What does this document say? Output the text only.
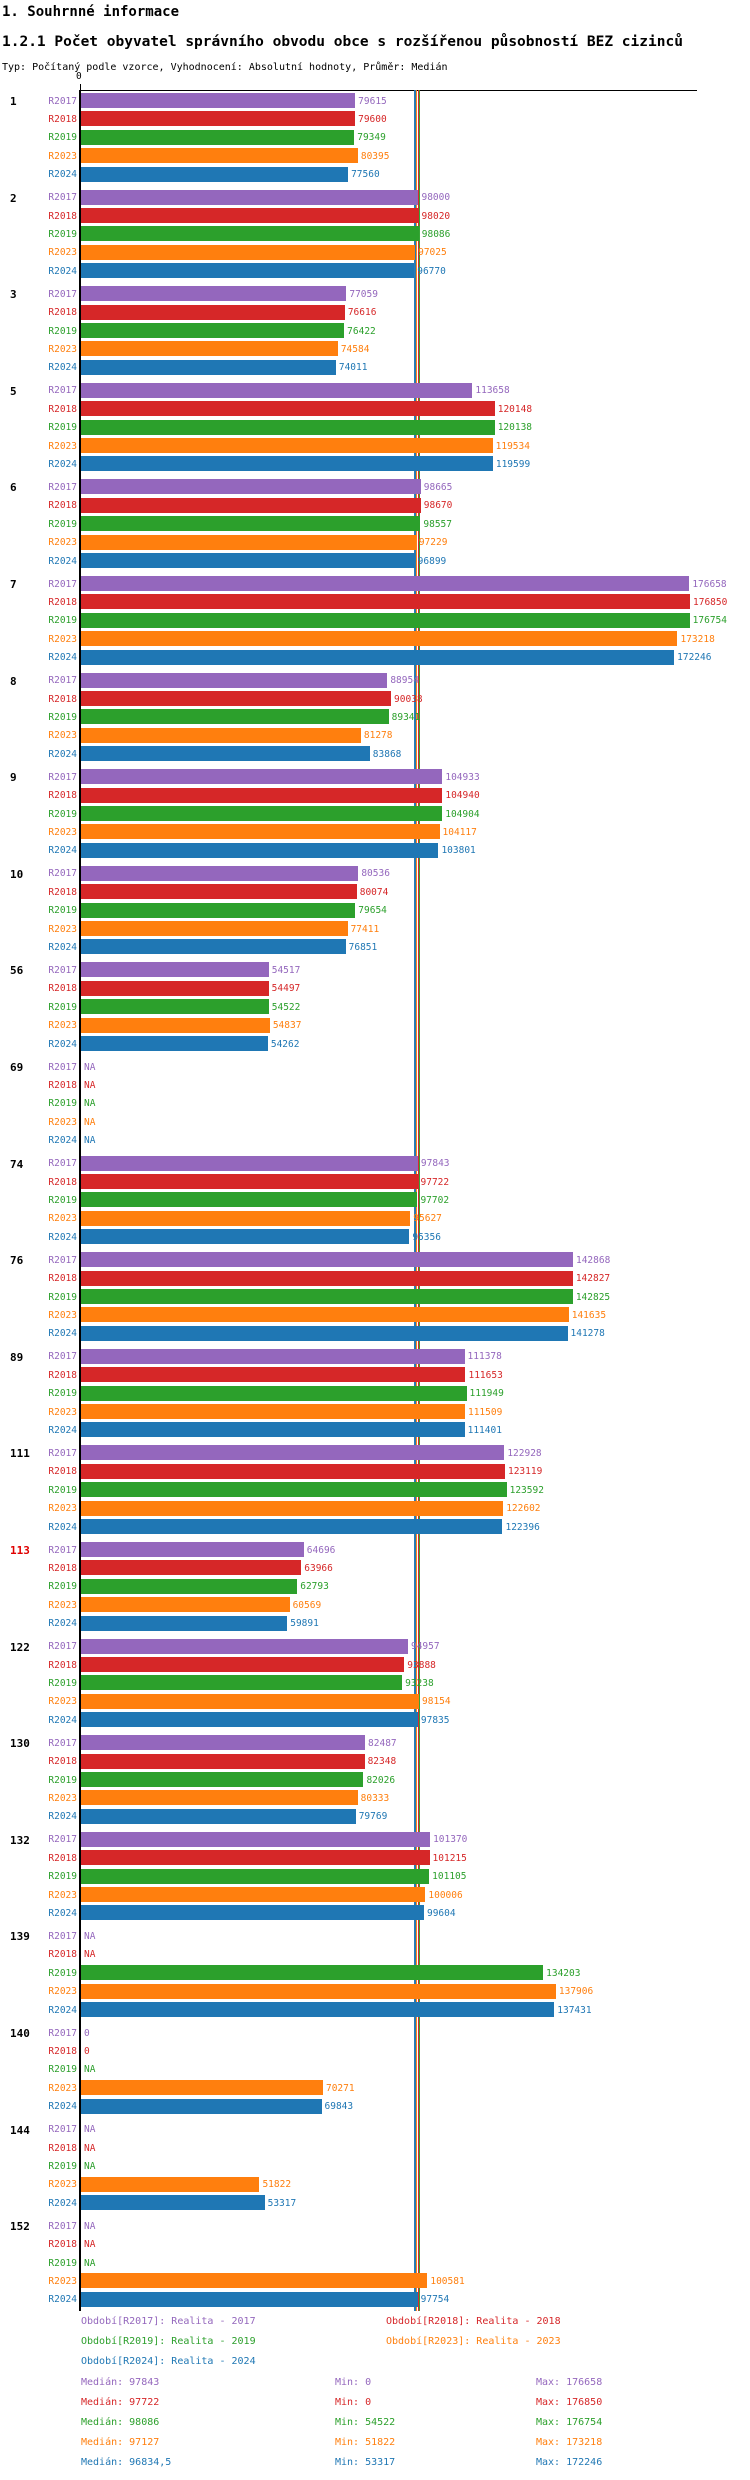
1. Souhrnné informace
1.2.1 Počet obyvatel správního obvodu obce s rozšířenou působností BEZ cizinců
Typ: Počítaný podle vzorce, Vyhodnocení: Absolutní hodnoty, Průměr: Medián
0
1	R2017	79615
R2018	79600
R2019	79349
R2023	80395
R2024	77560
2	R2017	98000
R2018	98020
R2019	98086
R2023	97025
R2024	96770
3	R2017	77059
R2018	76616
R2019	76422
R2023	74584
R2024	74011
5	R2017	113658
R2018	120148
R2019	120138
R2023	119534
R2024	119599
6	R2017	98665
R2018	98670
R2019	98557
R2023	97229
R2024	96899
7	R2017	176658
R2018	176850
R2019	176754
R2023	173218
R2024	172246
8	R2017	88954
R2018	90038
R2019	89341
R2023	81278
R2024	83868
9	R2017	104933
R2018	104940
R2019	104904
R2023	104117
R2024	103801
10	R2017	80536
R2018	80074
R2019	79654
R2023	77411
R2024	76851
56	R2017	54517
R2018	54497
R2019	54522
R2023	54837
R2024	54262
69	R2017 NA
R2018 NA
R2019 NA
R2023 NA
R2024 NA
74	R2017	97843
R2018	97722
R2019	97702
R2023	95627
R2024	95356
76	R2017	142868
R2018	142827
R2019	142825
R2023	141635
R2024	141278
89	R2017	111378
R2018	111653
R2019	111949
R2023	111509
R2024	111401
111	R2017	122928
R2018	123119
R2019	123592
R2023	122602
R2024	122396
113	R2017	64696
R2018	63966
R2019	62793
R2023	60569
R2024	59891
122	R2017	94957
R2018	93888
R2019	93238
R2023	98154
R2024	97835
130	R2017	82487
R2018	82348
R2019	82026
R2023	80333
R2024	79769
132	R2017	101370
R2018	101215
R2019	101105
R2023	100006
R2024	99604
139	R2017 NA
R2018 NA
R2019	134203
R2023	137906
R2024	137431
140	R2017 0
R2018 0
R2019 NA
R2023	70271
R2024	69843
144	R2017 NA
R2018 NA
R2019 NA
R2023	51822
R2024	53317
152	R2017 NA
R2018 NA
R2019 NA
R2023	100581
R2024	97754
Období[R2017]: Realita - 2017	Období[R2018]: Realita - 2018
Období[R2019]: Realita - 2019	Období[R2023]: Realita - 2023
Období[R2024]: Realita - 2024
Medián: 97843	Min: 0	Max: 176658
Medián: 97722	Min: 0	Max: 176850
Medián: 98086	Min: 54522	Max: 176754
Medián: 97127	Min: 51822	Max: 173218
Medián: 96834,5	Min: 53317	Max: 172246
